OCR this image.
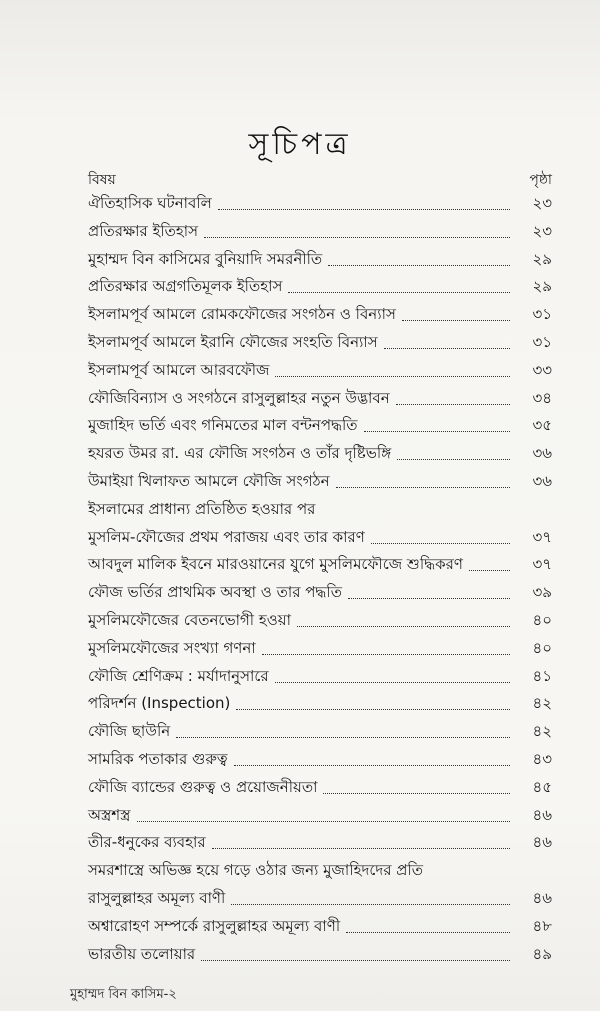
সূচিপত্র
বিষয়	পৃষ্ঠা
ঐতিহাসিক ঘটনাবলি	২৩
প্রতিরক্ষার ইতিহাস	২৩
মুহাম্মদ বিন কাসিমের বুনিয়াদি সমরনীতি	২৯
প্রতিরক্ষার অগ্রগতিমূলক ইতিহাস	২৯
ইসলামপূর্ব আমলে রোমকফৌজের সংগঠন ও বিন্যাস	৩১
ইসলামপূর্ব আমলে ইরানি ফৌজের সংহতি বিন্যাস	৩১
ইসলামপূর্ব আমলে আরবফৌজ	৩৩
ফৌজিবিন্যাস ও সংগঠনে রাসুলুল্লাহর নতুন উদ্ভাবন	৩৪
মুজাহিদ ভর্তি এবং গনিমতের মাল বন্টনপদ্ধতি	৩৫
হযরত উমর রা. এর ফৌজি সংগঠন ও তাঁর দৃষ্টিভঙ্গি	৩৬
উমাইয়া খিলাফত আমলে ফৌজি সংগঠন	৩৬
ইসলামের প্রাধান্য প্রতিষ্ঠিত হওয়ার পর
মুসলিম-ফৌজের প্রথম পরাজয় এবং তার কারণ	৩৭
আবদুল মালিক ইবনে মারওয়ানের যুগে মুসলিমফৌজে শুদ্ধিকরণ	৩৭
ফৌজ ভর্তির প্রাথমিক অবস্থা ও তার পদ্ধতি	৩৯
মুসলিমফৌজের বেতনভোগী হওয়া	৪০
মুসলিমফৌজের সংখ্যা গণনা	৪০
ফৌজি শ্রেণিক্রম : মর্যাদানুসারে	৪১
পরিদর্শন (Inspection)	৪২
ফৌজি ছাউনি	৪২
সামরিক পতাকার গুরুত্ব	৪৩
ফৌজি ব্যান্ডের গুরুত্ব ও প্রয়োজনীয়তা	৪৫
অস্ত্রশস্ত্র	৪৬
তীর-ধনুকের ব্যবহার	৪৬
সমরশাস্ত্রে অভিজ্ঞ হয়ে গড়ে ওঠার জন্য মুজাহিদদের প্রতি
রাসুলুল্লাহর অমূল্য বাণী	৪৬
অশ্বারোহণ সম্পর্কে রাসুলুল্লাহর অমূল্য বাণী	৪৮
ভারতীয় তলোয়ার	৪৯
মুহাম্মদ বিন কাসিম-২
